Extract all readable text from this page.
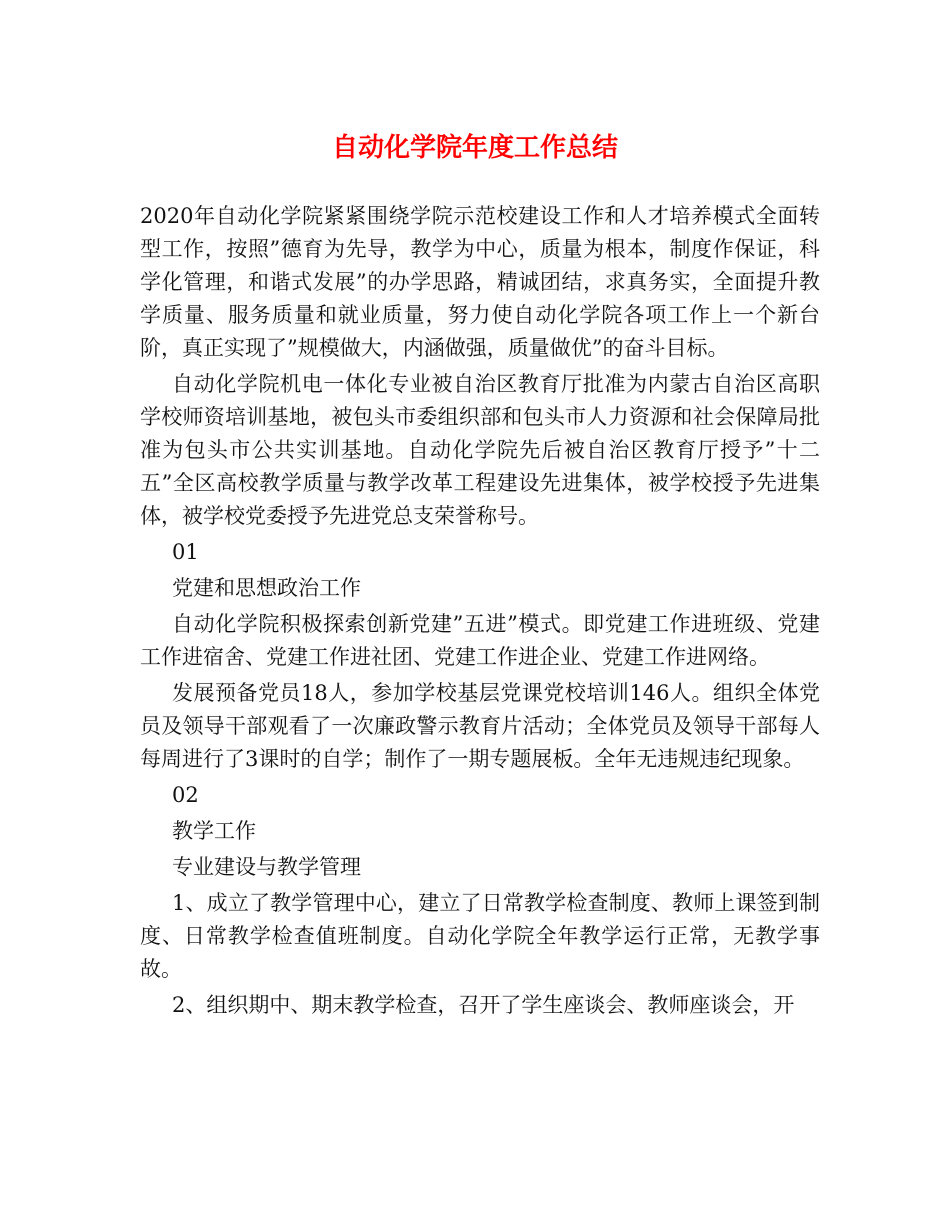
自动化学院年度工作总结

2020年自动化学院紧紧围绕学院示范校建设工作和人才培养模式全面转型工作，按照”德育为先导，教学为中心，质量为根本，制度作保证，科学化管理，和谐式发展”的办学思路，精诚团结，求真务实，全面提升教学质量、服务质量和就业质量，努力使自动化学院各项工作上一个新台阶，真正实现了”规模做大，内涵做强，质量做优”的奋斗目标。

自动化学院机电一体化专业被自治区教育厅批准为内蒙古自治区高职学校师资培训基地，被包头市委组织部和包头市人力资源和社会保障局批准为包头市公共实训基地。自动化学院先后被自治区教育厅授予”十二五”全区高校教学质量与教学改革工程建设先进集体，被学校授予先进集体，被学校党委授予先进党总支荣誉称号。

01

党建和思想政治工作

自动化学院积极探索创新党建”五进”模式。即党建工作进班级、党建工作进宿舍、党建工作进社团、党建工作进企业、党建工作进网络。

发展预备党员18人，参加学校基层党课党校培训146人。组织全体党员及领导干部观看了一次廉政警示教育片活动；全体党员及领导干部每人每周进行了3课时的自学；制作了一期专题展板。全年无违规违纪现象。

02

教学工作

专业建设与教学管理

1、成立了教学管理中心，建立了日常教学检查制度、教师上课签到制度、日常教学检查值班制度。自动化学院全年教学运行正常，无教学事故。

2、组织期中、期末教学检查，召开了学生座谈会、教师座谈会，开
